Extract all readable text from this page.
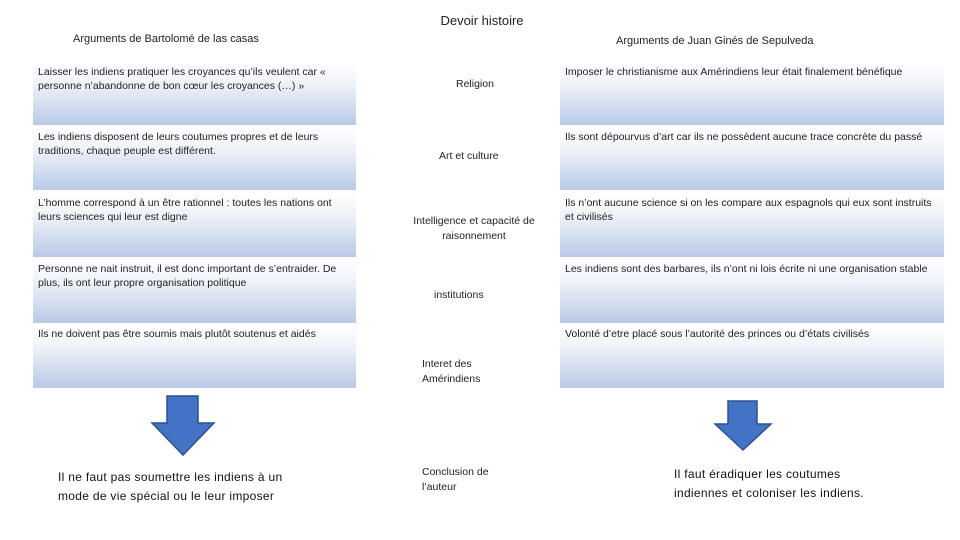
Devoir histoire
Arguments de Bartolomé de las casas	Arguments de Juan Ginés de Sepulveda
Laisser les indiens pratiquer les croyances qu’ils veulent car « personne n’abandonne de bon cœur les croyances (…) »
Les indiens disposent de leurs coutumes propres et de leurs traditions, chaque peuple est différent.
L’homme correspond à un être rationnel : toutes les nations ont leurs sciences qui leur est digne
Personne ne nait instruit, il est donc important de s’entraider. De plus, ils ont leur propre organisation politique
Ils ne doivent pas être soumis mais plutôt soutenus et aidés
Imposer le christianisme aux Amérindiens leur était finalement bénéfique
Ils sont dépourvus d’art car ils ne possèdent aucune trace concrète du passé
Ils n’ont aucune science si on les compare aux espagnols qui eux sont instruits et civilisés
Les indiens sont des barbares, ils n’ont ni lois écrite ni une organisation stable
Volonté d’etre placé sous l’autorité des princes ou d’états civilisés
Religion
Art et culture
Intelligence et capacité de raisonnement
institutions
Interet des Amérindiens
Conclusion de l’auteur
Il ne faut pas soumettre les indiens à un mode de vie spécial ou le leur imposer
Il faut éradiquer les coutumes indiennes et coloniser les indiens.
